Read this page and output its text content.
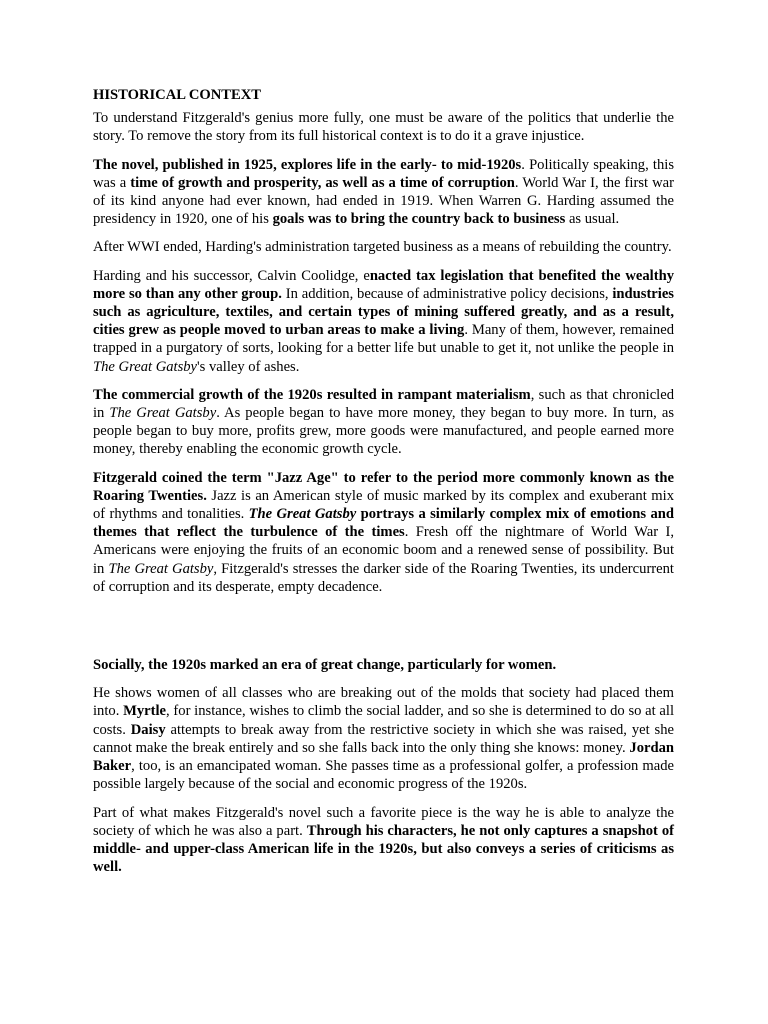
HISTORICAL CONTEXT

To understand Fitzgerald's genius more fully, one must be aware of the politics that underlie the story. To remove the story from its full historical context is to do it a grave injustice.

The novel, published in 1925, explores life in the early- to mid-1920s. Politically speaking, this was a time of growth and prosperity, as well as a time of corruption. World War I, the first war of its kind anyone had ever known, had ended in 1919. When Warren G. Harding assumed the presidency in 1920, one of his goals was to bring the country back to business as usual.

After WWI ended, Harding's administration targeted business as a means of rebuilding the country.

Harding and his successor, Calvin Coolidge, enacted tax legislation that benefited the wealthy more so than any other group. In addition, because of administrative policy decisions, industries such as agriculture, textiles, and certain types of mining suffered greatly, and as a result, cities grew as people moved to urban areas to make a living. Many of them, however, remained trapped in a purgatory of sorts, looking for a better life but unable to get it, not unlike the people in The Great Gatsby's valley of ashes.

The commercial growth of the 1920s resulted in rampant materialism, such as that chronicled in The Great Gatsby. As people began to have more money, they began to buy more. In turn, as people began to buy more, profits grew, more goods were manufactured, and people earned more money, thereby enabling the economic growth cycle.

Fitzgerald coined the term "Jazz Age" to refer to the period more commonly known as the Roaring Twenties. Jazz is an American style of music marked by its complex and exuberant mix of rhythms and tonalities. The Great Gatsby portrays a similarly complex mix of emotions and themes that reflect the turbulence of the times. Fresh off the nightmare of World War I, Americans were enjoying the fruits of an economic boom and a renewed sense of possibility. But in The Great Gatsby, Fitzgerald's stresses the darker side of the Roaring Twenties, its undercurrent of corruption and its desperate, empty decadence.

Socially, the 1920s marked an era of great change, particularly for women.

He shows women of all classes who are breaking out of the molds that society had placed them into. Myrtle, for instance, wishes to climb the social ladder, and so she is determined to do so at all costs. Daisy attempts to break away from the restrictive society in which she was raised, yet she cannot make the break entirely and so she falls back into the only thing she knows: money. Jordan Baker, too, is an emancipated woman. She passes time as a professional golfer, a profession made possible largely because of the social and economic progress of the 1920s.

Part of what makes Fitzgerald's novel such a favorite piece is the way he is able to analyze the society of which he was also a part. Through his characters, he not only captures a snapshot of middle- and upper-class American life in the 1920s, but also conveys a series of criticisms as well.
